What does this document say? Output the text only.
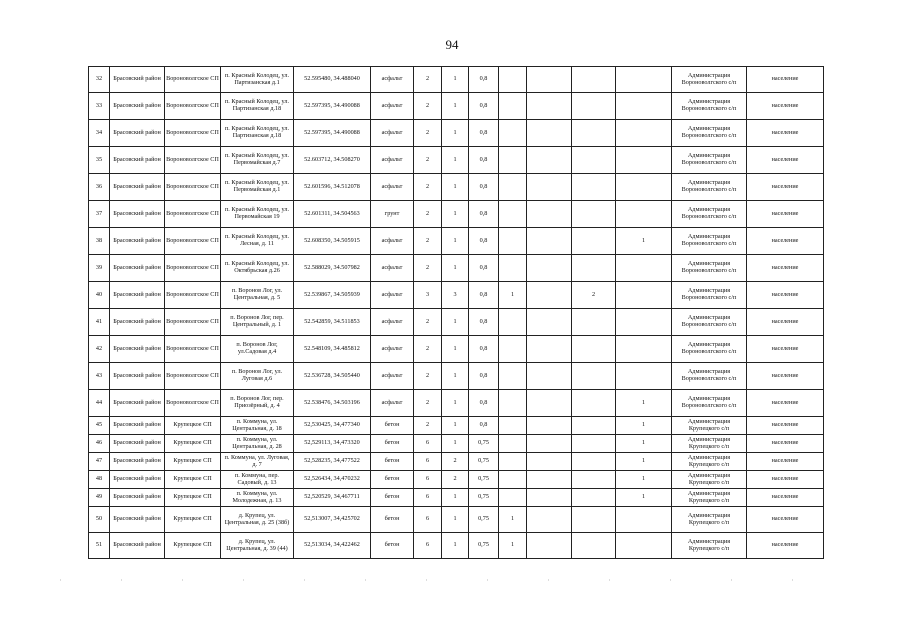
94
32	Брасовский район	Вороноволгское СП	п. Красный Колодец, ул. Партизанская д.1	52.595480, 34.488040	асфальт	2	1	0,8					Администрация Вороноволгского с/п	население
33	Брасовский район	Вороноволгское СП	п. Красный Колодец, ул. Партизанская д.18	52.597395, 34.490088	асфальт	2	1	0,8					Администрация Вороноволгского с/п	население
34	Брасовский район	Вороноволгское СП	п. Красный Колодец, ул. Партизанская д.18	52.597395, 34.490088	асфальт	2	1	0,8					Администрация Вороноволгского с/п	население
35	Брасовский район	Вороноволгское СП	п. Красный Колодец, ул. Первомайская д.7	52.603712, 34.508270	асфальт	2	1	0,8					Администрация Вороноволгского с/п	население
36	Брасовский район	Вороноволгское СП	п. Красный Колодец, ул. Первомайская д.1	52.601596, 34.512078	асфальт	2	1	0,8					Администрация Вороноволгского с/п	население
37	Брасовский район	Вороноволгское СП	п. Красный Колодец, ул. Первомайская 19	52.601311, 34.504563	грунт	2	1	0,8					Администрация Вороноволгского с/п	население
38	Брасовский район	Вороноволгское СП	п. Красный Колодец, ул. Лесная, д. 11	52.608350, 34.505915	асфальт	2	1	0,8				1	Администрация Вороноволгского с/п	население
39	Брасовский район	Вороноволгское СП	п. Красный Колодец, ул. Октябрьская д.26	52.588029, 34.507982	асфальт	2	1	0,8					Администрация Вороноволгского с/п	население
40	Брасовский район	Вороноволгское СП	п. Воронов Лог, ул. Центральная, д. 5	52.539867, 34.505939	асфальт	3	3	0,8	1		2		Администрация Вороноволгского с/п	население
41	Брасовский район	Вороноволгское СП	п. Воронов Лог, пер. Центральный, д. 1	52.542859, 34.511853	асфальт	2	1	0,8					Администрация Вороноволгского с/п	население
42	Брасовский район	Вороноволгское СП	п. Воронов Лог, ул.Садовая д.4	52.548109, 34.485812	асфальт	2	1	0,8					Администрация Вороноволгского с/п	население
43	Брасовский район	Вороноволгское СП	п. Воронов Лог, ул. Луговая д.6	52.536728, 34.505440	асфальт	2	1	0,8					Администрация Вороноволгского с/п	население
44	Брасовский район	Вороноволгское СП	п. Воронов Лог, пер. Приозёрный, д. 4	52.538476, 34.503196	асфальт	2	1	0,8				1	Администрация Вороноволгского с/п	население
45	Брасовский район	Крупецкое СП	п. Коммуна, ул. Центральная, д. 18	52,530425, 34,477340	бетон	2	1	0,8				1	Администрация Крупецкого с/п	население
46	Брасовский район	Крупецкое СП	п. Коммуна, ул. Центральная, д. 28	52,529113, 34,473320	бетон	6	1	0,75				1	Администрация Крупецкого с/п	население
47	Брасовский район	Крупецкое СП	п. Коммуна, ул. Луговая, д. 7	52,528235, 34,477522	бетон	6	2	0,75				1	Администрация Крупецкого с/п	население
48	Брасовский район	Крупецкое СП	п. Коммуна, пер. Садовый, д. 13	52,526434, 34,470232	бетон	6	2	0,75				1	Администрация Крупецкого с/п	население
49	Брасовский район	Крупецкое СП	п. Коммуна, ул. Молодежная, д. 13	52,520529, 34,467711	бетон	6	1	0,75				1	Администрация Крупецкого с/п	население
50	Брасовский район	Крупецкое СП	д. Крупец, ул. Центральная, д. 25 (38б)	52,513007, 34,425702	бетон	6	1	0,75	1				Администрация Крупецкого с/п	население
51	Брасовский район	Крупецкое СП	д. Крупец, ул. Центральная, д. 39 (44)	52,513034, 34,422462	бетон	6	1	0,75	1				Администрация Крупецкого с/п	население
